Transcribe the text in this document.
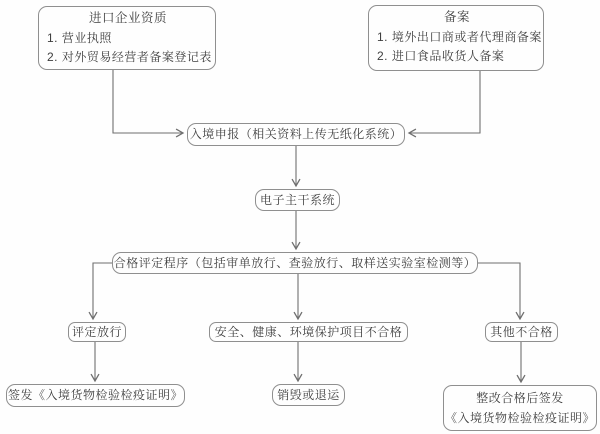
进口企业资质
1. 营业执照
2. 对外贸易经营者备案登记表
备案
1. 境外出口商或者代理商备案
2. 进口食品收货人备案
入境申报（相关资料上传无纸化系统）
电子主干系统
合格评定程序（包括审单放行、查验放行、取样送实验室检测等）
评定放行	安全、健康、环境保护项目不合格	其他不合格
签发《入境货物检验检疫证明》	销毁或退运	整改合格后签发
《入境货物检验检疫证明》
